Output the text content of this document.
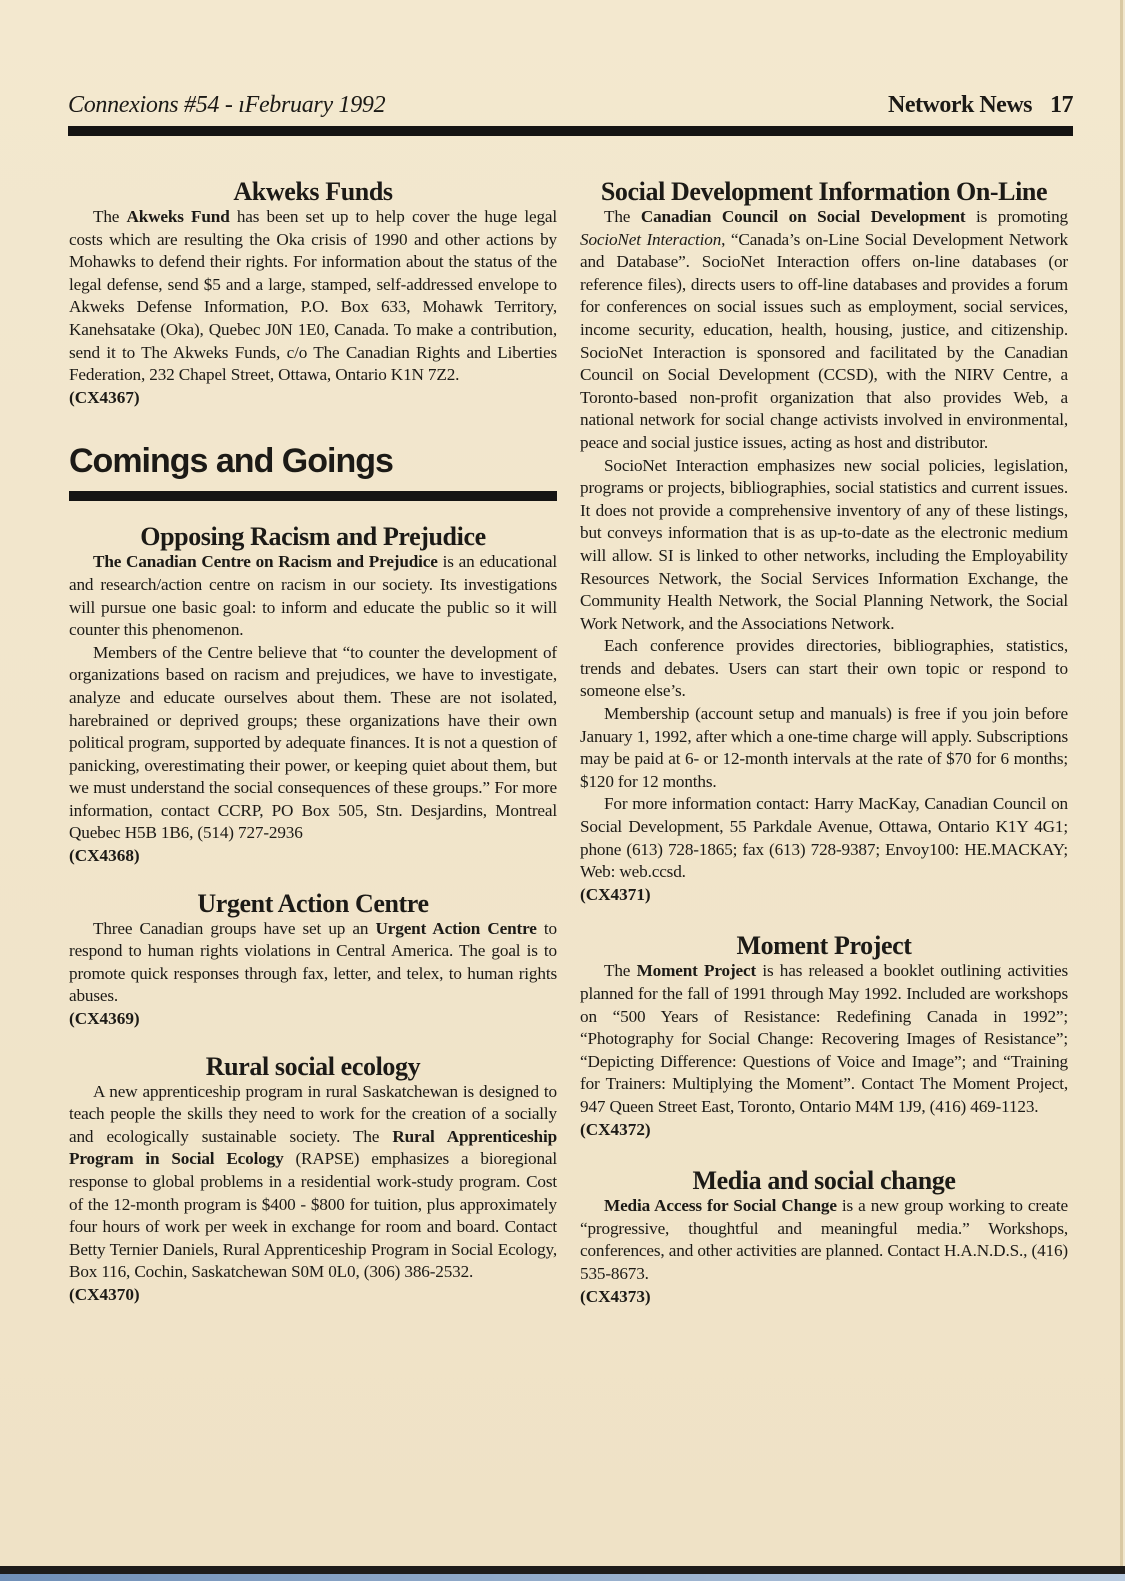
Connexions #54 - ıFebruary 1992	Network News 17
Akweks Funds

The Akweks Fund has been set up to help cover the huge legal costs which are resulting the Oka crisis of 1990 and other actions by Mohawks to defend their rights. For information about the status of the legal defense, send $5 and a large, stamped, self-addressed envelope to Akweks Defense Information, P.O. Box 633, Mohawk Territory, Kanehsatake (Oka), Quebec J0N 1E0, Canada. To make a contribution, send it to The Akweks Funds, c/o The Canadian Rights and Liberties Federation, 232 Chapel Street, Ottawa, Ontario K1N 7Z2.

(CX4367)
Comings and Goings
Opposing Racism and Prejudice

The Canadian Centre on Racism and Prejudice is an educational and research/action centre on racism in our society. Its investigations will pursue one basic goal: to inform and educate the public so it will counter this phenomenon.

Members of the Centre believe that “to counter the development of organizations based on racism and prejudices, we have to investigate, analyze and educate ourselves about them. These are not isolated, harebrained or deprived groups; these organizations have their own political program, supported by adequate finances. It is not a question of panicking, overestimating their power, or keeping quiet about them, but we must understand the social consequences of these groups.” For more information, contact CCRP, PO Box 505, Stn. Desjardins, Montreal Quebec H5B 1B6, (514) 727-2936

(CX4368)
Urgent Action Centre

Three Canadian groups have set up an Urgent Action Centre to respond to human rights violations in Central America. The goal is to promote quick responses through fax, letter, and telex, to human rights abuses.

(CX4369)
Rural social ecology

A new apprenticeship program in rural Saskatchewan is designed to teach people the skills they need to work for the creation of a socially and ecologically sustainable society. The Rural Apprenticeship Program in Social Ecology (RAPSE) emphasizes a bioregional response to global problems in a residential work-study program. Cost of the 12-month program is $400 - $800 for tuition, plus approximately four hours of work per week in exchange for room and board. Contact Betty Ternier Daniels, Rural Apprenticeship Program in Social Ecology, Box 116, Cochin, Saskatchewan S0M 0L0, (306) 386-2532.

(CX4370)
Social Development Information On-Line

The Canadian Council on Social Development is promoting SocioNet Interaction, “Canada’s on-Line Social Development Network and Database”. SocioNet Interaction offers on-line databases (or reference files), directs users to off-line databases and provides a forum for conferences on social issues such as employment, social services, income security, education, health, housing, justice, and citizenship. SocioNet Interaction is sponsored and facilitated by the Canadian Council on Social Development (CCSD), with the NIRV Centre, a Toronto-based non-profit organization that also provides Web, a national network for social change activists involved in environmental, peace and social justice issues, acting as host and distributor.

SocioNet Interaction emphasizes new social policies, legislation, programs or projects, bibliographies, social statistics and current issues. It does not provide a comprehensive inventory of any of these listings, but conveys information that is as up-to-date as the electronic medium will allow. SI is linked to other networks, including the Employability Resources Network, the Social Services Information Exchange, the Community Health Network, the Social Planning Network, the Social Work Network, and the Associations Network.

Each conference provides directories, bibliographies, statistics, trends and debates. Users can start their own topic or respond to someone else’s.

Membership (account setup and manuals) is free if you join before January 1, 1992, after which a one-time charge will apply. Subscriptions may be paid at 6- or 12-month intervals at the rate of $70 for 6 months; $120 for 12 months.

For more information contact: Harry MacKay, Canadian Council on Social Development, 55 Parkdale Avenue, Ottawa, Ontario K1Y 4G1; phone (613) 728-1865; fax (613) 728-9387; Envoy100: HE.MACKAY; Web: web.ccsd.

(CX4371)
Moment Project

The Moment Project is has released a booklet outlining activities planned for the fall of 1991 through May 1992. Included are workshops on “500 Years of Resistance: Redefining Canada in 1992”; “Photography for Social Change: Recovering Images of Resistance”; “Depicting Difference: Questions of Voice and Image”; and “Training for Trainers: Multiplying the Moment”. Contact The Moment Project, 947 Queen Street East, Toronto, Ontario M4M 1J9, (416) 469-1123.

(CX4372)
Media and social change

Media Access for Social Change is a new group working to create “progressive, thoughtful and meaningful media.” Workshops, conferences, and other activities are planned. Contact H.A.N.D.S., (416) 535-8673.

(CX4373)
